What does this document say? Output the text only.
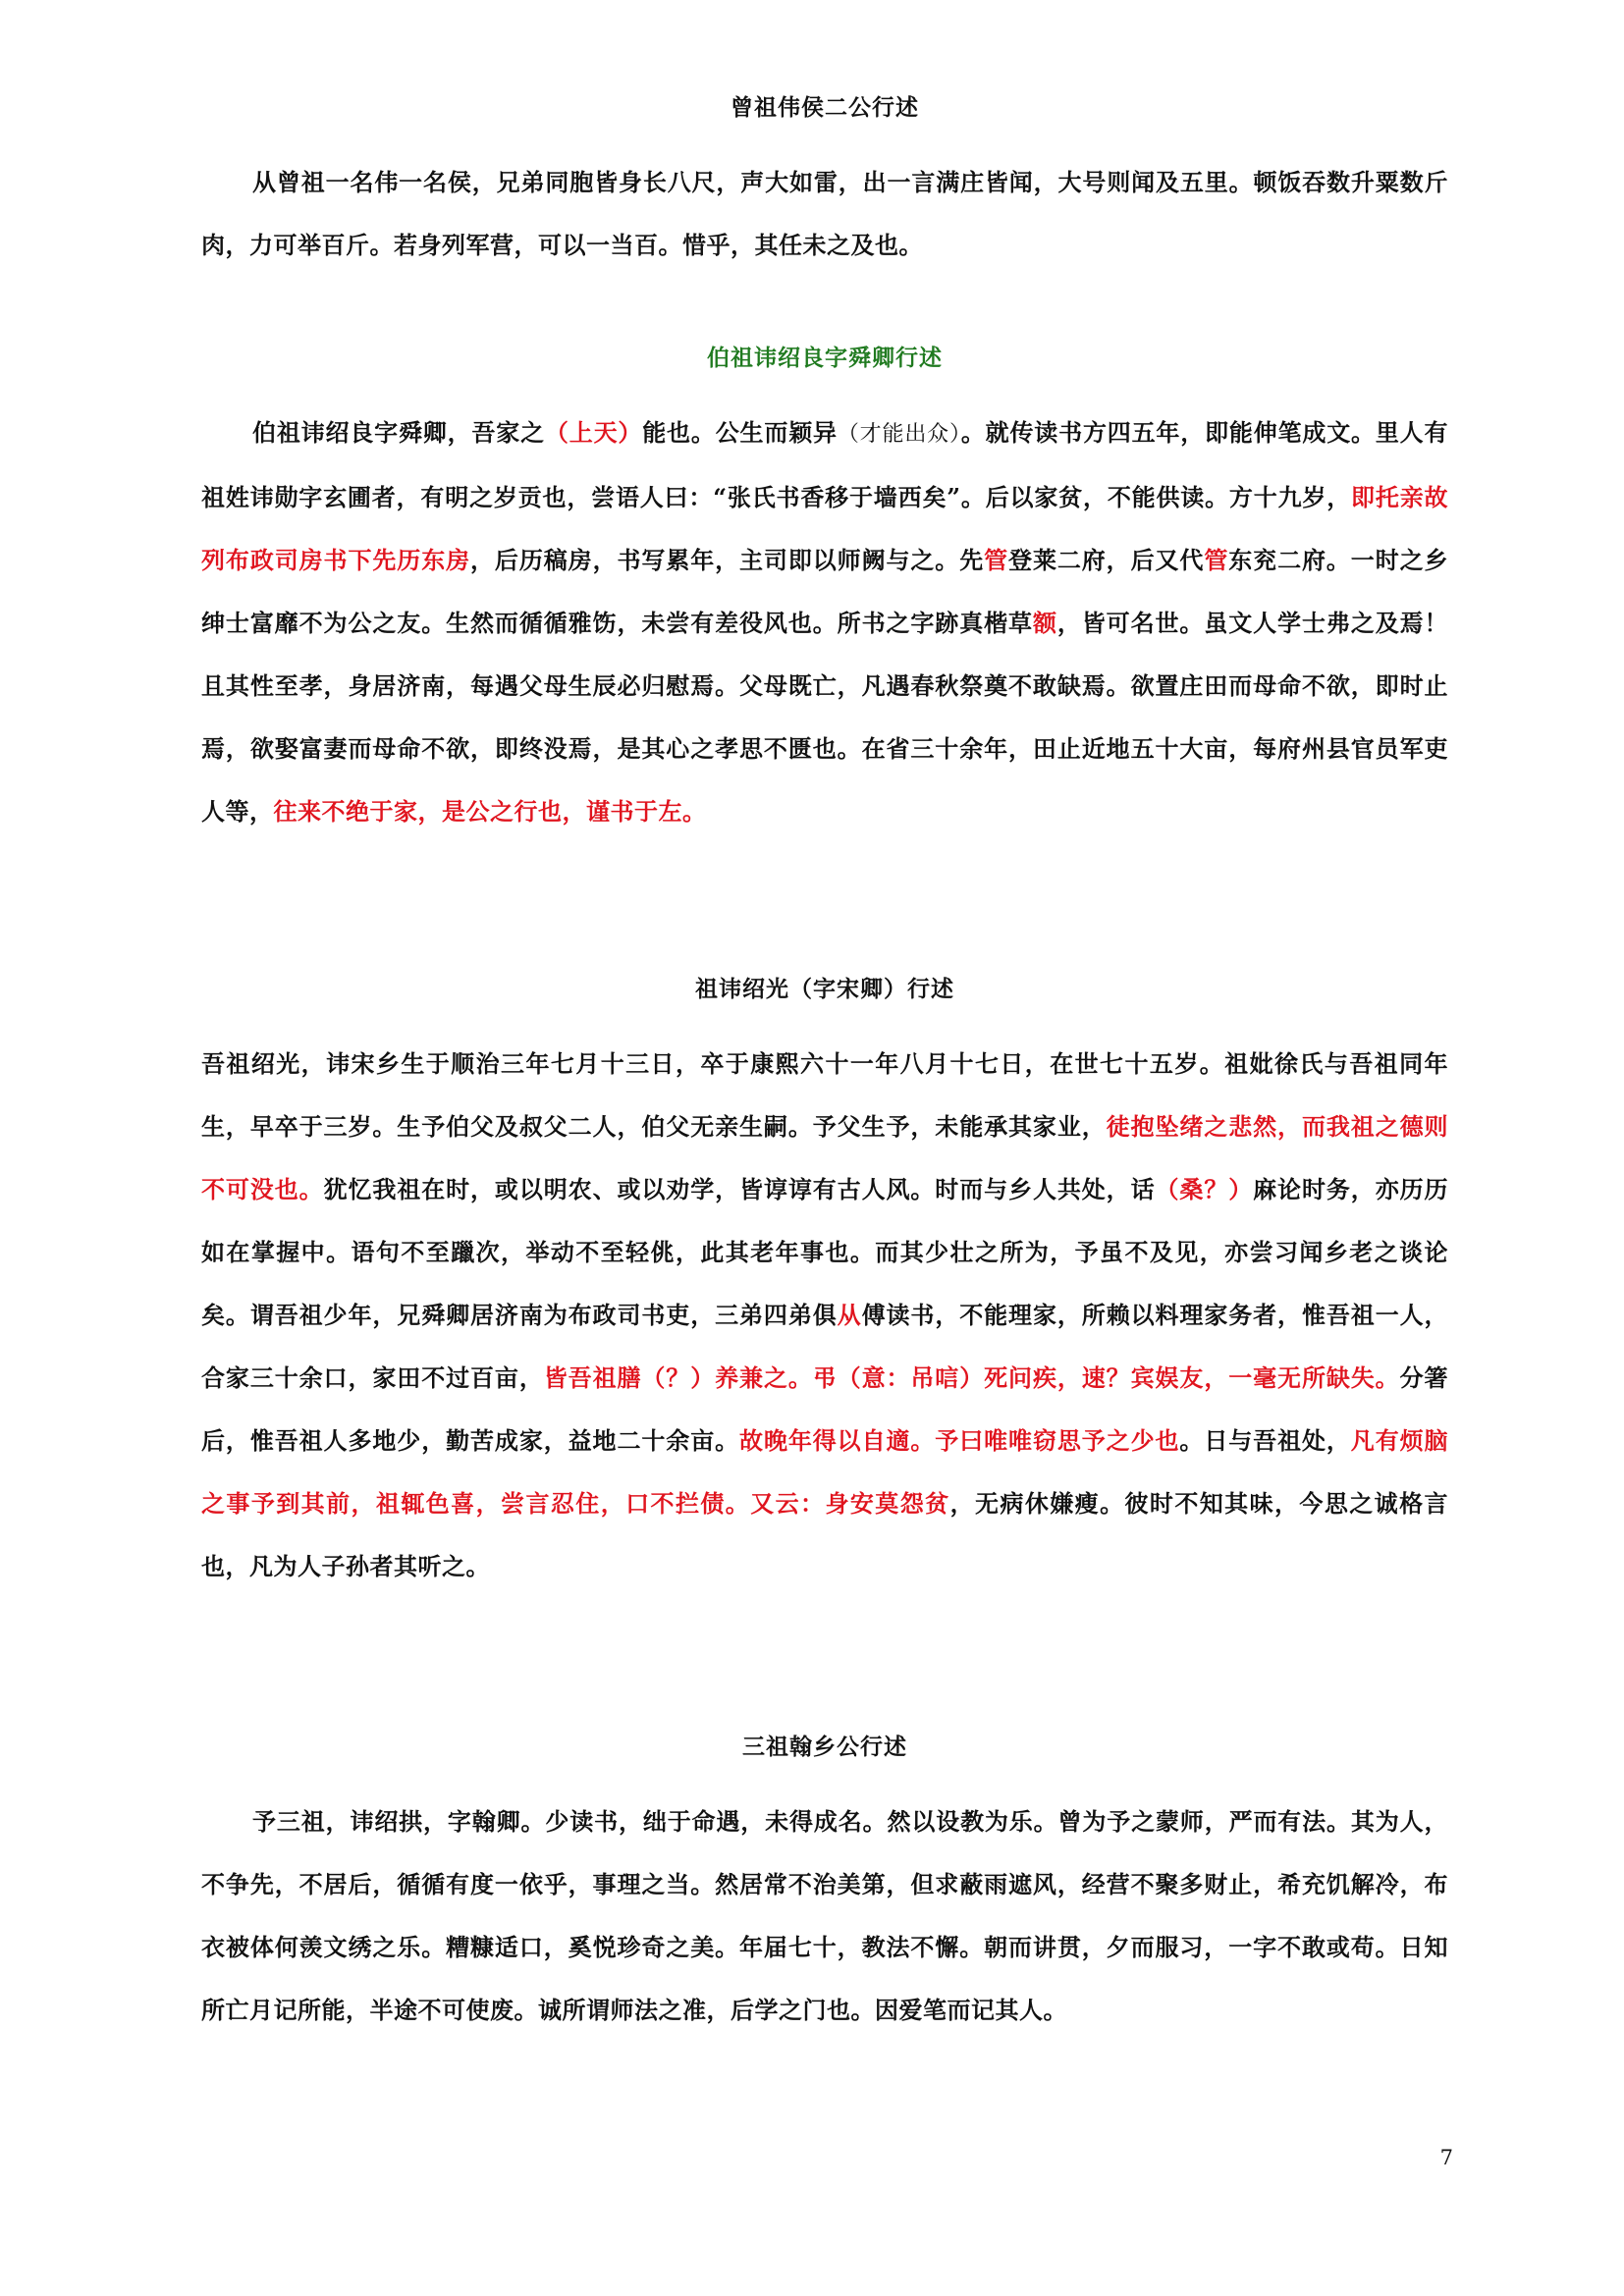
曾祖伟侯二公行述

从曾祖一名伟一名侯，兄弟同胞皆身长八尺，声大如雷，出一言满庄皆闻，大号则闻及五里。顿饭吞数升粟数斤肉，力可举百斤。若身列军营，可以一当百。惜乎，其任未之及也。

伯祖讳绍良字舜卿行述

伯祖讳绍良字舜卿，吾家之（上天）能也。公生而颖异（才能出众）。就传读书方四五年，即能伸笔成文。里人有祖姓讳勋字玄圃者，有明之岁贡也，尝语人曰：“张氏书香移于墙西矣”。后以家贫，不能供读。方十九岁，即托亲故列布政司房书下先历东房，后历稿房，书写累年，主司即以师阙与之。先管登莱二府，后又代管东兖二府。一时之乡绅士富靡不为公之友。生然而循循雅饬，未尝有差役风也。所书之字跡真楷草额，皆可名世。虽文人学士弗之及焉！且其性至孝，身居济南，每遇父母生辰必归慰焉。父母既亡，凡遇春秋祭奠不敢缺焉。欲置庄田而母命不欲，即时止焉，欲娶富妻而母命不欲，即终没焉，是其心之孝思不匮也。在省三十余年，田止近地五十大亩，每府州县官员军吏人等，往来不绝于家，是公之行也，谨书于左。

祖讳绍光（字宋卿）行述

吾祖绍光，讳宋乡生于顺治三年七月十三日，卒于康熙六十一年八月十七日，在世七十五岁。祖妣徐氏与吾祖同年生，早卒于三岁。生予伯父及叔父二人，伯父无亲生嗣。予父生予，未能承其家业，徒抱坠绪之悲然，而我祖之德则不可没也。犹忆我祖在时，或以明农、或以劝学，皆谆谆有古人风。时而与乡人共处，话（桑？）麻论时务，亦历历如在掌握中。语句不至躐次，举动不至轻佻，此其老年事也。而其少壮之所为，予虽不及见，亦尝习闻乡老之谈论矣。谓吾祖少年，兄舜卿居济南为布政司书吏，三弟四弟俱从傅读书，不能理家，所赖以料理家务者，惟吾祖一人，合家三十余口，家田不过百亩，皆吾祖膳（？）养兼之。弔（意：吊唁）死问疾，速？宾娱友，一毫无所缺失。分箸后，惟吾祖人多地少，勤苦成家，益地二十余亩。故晚年得以自適。予曰唯唯窃思予之少也。日与吾祖处，凡有烦脑之事予到其前，祖辄色喜，尝言忍住，口不拦债。又云：身安莫怨贫，无病休嫌瘦。彼时不知其味，今思之诚格言也，凡为人子孙者其听之。

三祖翰乡公行述

予三祖，讳绍拱，字翰卿。少读书，绌于命遇，未得成名。然以设教为乐。曾为予之蒙师，严而有法。其为人，不争先，不居后，循循有度一依乎，事理之当。然居常不治美第，但求蔽雨遮风，经营不聚多财止，希充饥解冷，布衣被体何羡文绣之乐。糟糠适口，奚悦珍奇之美。年届七十，教法不懈。朝而讲贯，夕而服习，一字不敢或苟。日知所亡月记所能，半途不可使废。诚所谓师法之准，后学之门也。因爱笔而记其人。

7
